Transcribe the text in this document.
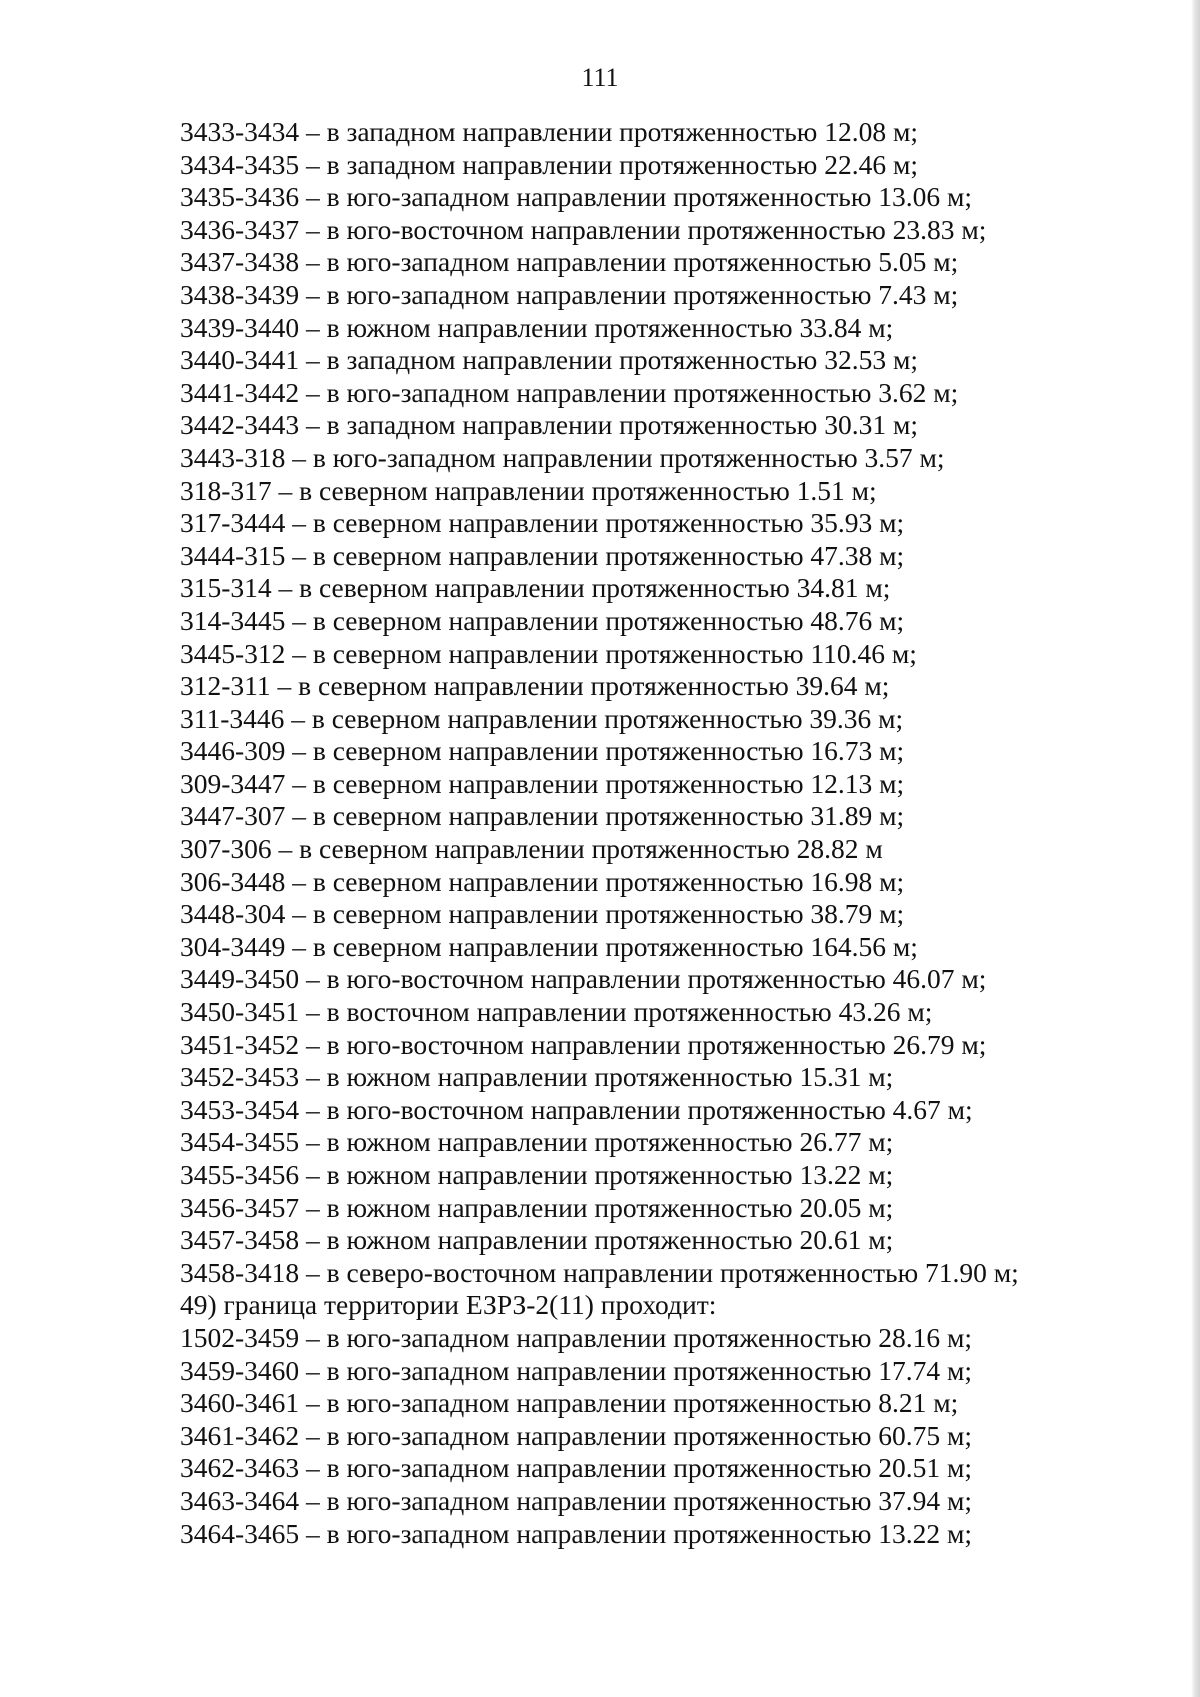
111
3433-3434 – в западном направлении протяженностью 12.08 м;
3434-3435 – в западном направлении протяженностью 22.46 м;
3435-3436 – в юго-западном направлении протяженностью 13.06 м;
3436-3437 – в юго-восточном направлении протяженностью 23.83 м;
3437-3438 – в юго-западном направлении протяженностью 5.05 м;
3438-3439 – в юго-западном направлении протяженностью 7.43 м;
3439-3440 – в южном направлении протяженностью 33.84 м;
3440-3441 – в западном направлении протяженностью 32.53 м;
3441-3442 – в юго-западном направлении протяженностью 3.62 м;
3442-3443 – в западном направлении протяженностью 30.31 м;
3443-318 – в юго-западном направлении протяженностью 3.57 м;
318-317 – в северном направлении протяженностью 1.51 м;
317-3444 – в северном направлении протяженностью 35.93 м;
3444-315 – в северном направлении протяженностью 47.38 м;
315-314 – в северном направлении протяженностью 34.81 м;
314-3445 – в северном направлении протяженностью 48.76 м;
3445-312 – в северном направлении протяженностью 110.46 м;
312-311 – в северном направлении протяженностью 39.64 м;
311-3446 – в северном направлении протяженностью 39.36 м;
3446-309 – в северном направлении протяженностью 16.73 м;
309-3447 – в северном направлении протяженностью 12.13 м;
3447-307 – в северном направлении протяженностью 31.89 м;
307-306 – в северном направлении протяженностью 28.82 м
306-3448 – в северном направлении протяженностью 16.98 м;
3448-304 – в северном направлении протяженностью 38.79 м;
304-3449 – в северном направлении протяженностью 164.56 м;
3449-3450 – в юго-восточном направлении протяженностью 46.07 м;
3450-3451 – в восточном направлении протяженностью 43.26 м;
3451-3452 – в юго-восточном направлении протяженностью 26.79 м;
3452-3453 – в южном направлении протяженностью 15.31 м;
3453-3454 – в юго-восточном направлении протяженностью 4.67 м;
3454-3455 – в южном направлении протяженностью 26.77 м;
3455-3456 – в южном направлении протяженностью 13.22 м;
3456-3457 – в южном направлении протяженностью 20.05 м;
3457-3458 – в южном направлении протяженностью 20.61 м;
3458-3418 – в северо-восточном направлении протяженностью 71.90 м;
49) граница территории ЕЗРЗ-2(11) проходит:
1502-3459 – в юго-западном направлении протяженностью 28.16 м;
3459-3460 – в юго-западном направлении протяженностью 17.74 м;
3460-3461 – в юго-западном направлении протяженностью 8.21 м;
3461-3462 – в юго-западном направлении протяженностью 60.75 м;
3462-3463 – в юго-западном направлении протяженностью 20.51 м;
3463-3464 – в юго-западном направлении протяженностью 37.94 м;
3464-3465 – в юго-западном направлении протяженностью 13.22 м;
